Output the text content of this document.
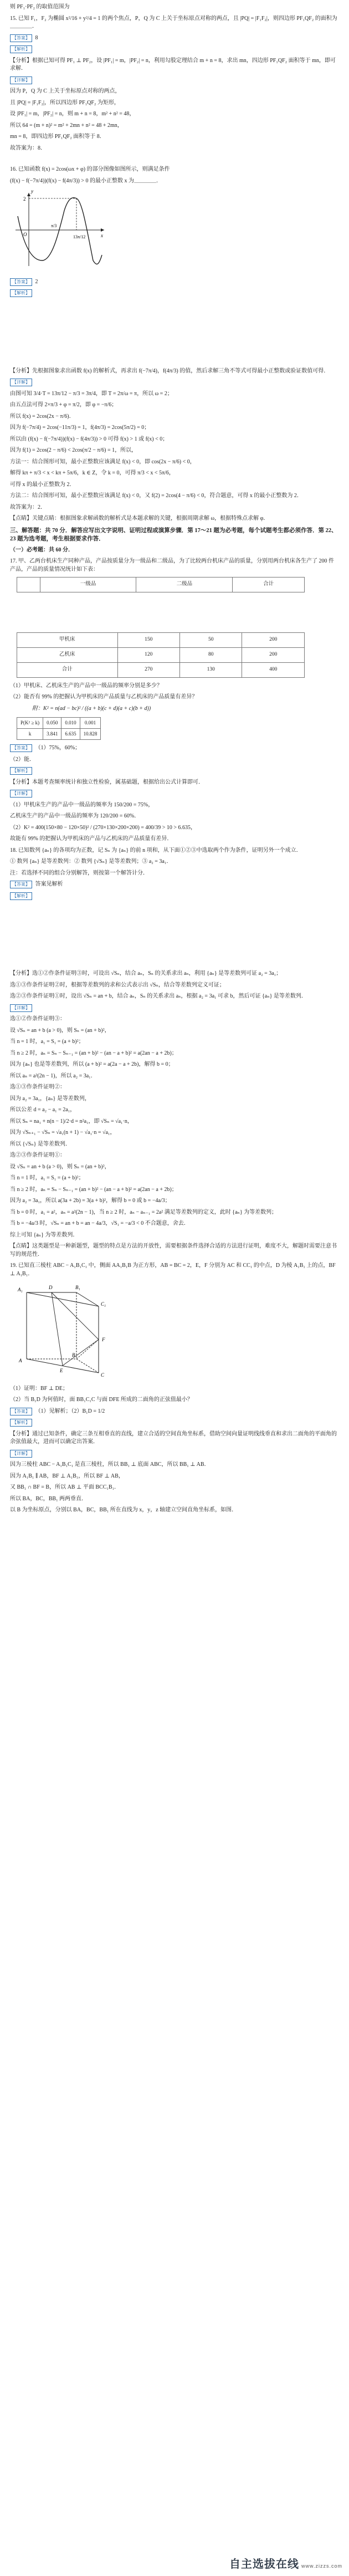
则 PF₁·PF₂ 的取值范围为

15. 已知 F₁，F₂ 为椭圆 x²/16 + y²/4 = 1 的两个焦点，P，Q 为 C 上关于坐标原点对称的两点，且 |PQ| = |F₁F₂|，则四边形 PF₁QF₂ 的面积为＿＿＿＿．

【答案】 8

【解析】

【分析】根据已知可得 PF₁ ⊥ PF₂，设 |PF₁| = m，|PF₂| = n，利用勾股定理结合 m + n = 8，求出 mn，四边形 PF₁QF₂ 面积等于 mn，即可求解．

【详解】

因为 P，Q 为 C 上关于坐标原点对称的两点，

且 |PQ| = |F₁F₂|，所以四边形 PF₁QF₂ 为矩形，

设 |PF₁| = m，|PF₂| = n，则 m + n = 8，m² + n² = 48，

所以 64 = (m + n)² = m² + 2mn + n² = 48 + 2mn，

mn = 8，即四边形 PF₁QF₂ 面积等于 8．

故答案为：8．

16. 已知函数 f(x) = 2cos(ωx + φ) 的部分图像如图所示，则满足条件

(f(x) − f(−7π/4))(f(x) − f(4π/3)) > 0 的最小正整数 x 为＿＿＿＿．

y
x
O
2
π/3
13π/12

【答案】 2

【解析】

【分析】先根据图象求出函数 f(x) 的解析式，再求出 f(−7π/4)，f(4π/3) 的值，然后求解三角不等式可得最小正整数或验证数值可得．

【详解】

由图可知 3/4·T = 13π/12 − π/3 = 3π/4，即 T = 2π/ω = π，所以 ω = 2；

由五点法可得 2×π/3 + φ = π/2，即 φ = −π/6；

所以 f(x) = 2cos(2x − π/6)．

因为 f(−7π/4) = 2cos(−11π/3) = 1，f(4π/3) = 2cos(5π/2) = 0；

所以由 (f(x) − f(−7π/4))(f(x) − f(4π/3)) > 0 可得 f(x) > 1 或 f(x) < 0；

因为 f(1) = 2cos(2 − π/6) < 2cos(π/2 − π/6) = 1，所以，

方法一：结合图形可知，最小正整数应该满足 f(x) < 0，即 cos(2x − π/6) < 0，

解得 kπ + π/3 < x < kπ + 5π/6，k ∈ Z，令 k = 0，可得 π/3 < x < 5π/6，

可得 x 的最小正整数为 2．

方法二：结合图形可知，最小正整数应该满足 f(x) < 0，又 f(2) = 2cos(4 − π/6) < 0，符合题意，可得 x 的最小正整数为 2．

故答案为：2．

【点睛】关键点睛：根据图象求解函数的解析式是本题求解的关键，根据周期求解 ω，根据特殊点求解 φ．

三、解答题：共 70 分．解答应写出文字说明、证明过程或演算步骤．第 17～21 题为必考题，每个试题考生都必须作答．第 22、23 题为选考题，考生根据要求作答．

（一）必考题：共 60 分．

17. 甲、乙两台机床生产同种产品，产品按质量分为一级品和二级品，为了比较两台机床产品的质量，分别用两台机床各生产了 200 件产品，产品的质量情况统计如下表：

	一级品	二级品	合计
甲机床	150	50	200
乙机床	120	80	200
合计	270	130	400

（1）甲机床、乙机床生产的产品中一级品的频率分别是多少？

（2）能否有 99% 的把握认为甲机床的产品质量与乙机床的产品质量有差异？

附：K² = n(ad − bc)² / ((a + b)(c + d)(a + c)(b + d))

P(K² ≥ k)	0.050	0.010	0.001
k	3.841	6.635	10.828

【答案】 （1）75%，60%；

（2）能．

【解析】

【分析】本题考查频率统计和独立性检验，属基础题，根据给出公式计算即可．

【详解】

（1）甲机床生产的产品中一级品的频率为 150/200 = 75%，

乙机床生产的产品中一级品的频率为 120/200 = 60%．

（2）K² = 400(150×80 − 120×50)² / (270×130×200×200) = 400/39 > 10 > 6.635，

故能有 99% 的把握认为甲机床的产品与乙机床的产品质量有差异．

18. 已知数列 {aₙ} 的各项均为正数，记 Sₙ 为 {aₙ} 的前 n 项和，从下面①②③中选取两个作为条件，证明另外一个成立．

① 数列 {aₙ} 是等差数列：② 数列 {√Sₙ} 是等差数列；③ a₂ = 3a₁．

注：若选择不同的组合分别解答，则按第一个解答计分．

【答案】 答案见解析

【解析】

【分析】选①②作条件证明③时，可设出 √Sₙ，结合 aₙ，Sₙ 的关系求出 aₙ，利用 {aₙ} 是等差数列可证 a₂ = 3a₁；

选①③作条件证明②时，根据等差数列的求和公式表示出 √Sₙ，结合等差数列定义可证；

选②③作条件证明①时，设出 √Sₙ = an + b，结合 aₙ，Sₙ 的关系求出 aₙ，根据 a₂ = 3a₁ 可求 b，然后可证 {aₙ} 是等差数列．

【详解】

选①②作条件证明③：

设 √Sₙ = an + b (a > 0)，则 Sₙ = (an + b)²，

当 n = 1 时，a₁ = S₁ = (a + b)²；

当 n ≥ 2 时，aₙ = Sₙ − Sₙ₋₁ = (an + b)² − (an − a + b)² = a(2an − a + 2b)；

因为 {aₙ} 也是等差数列，所以 (a + b)² = a(2a − a + 2b)，解得 b = 0；

所以 aₙ = a²(2n − 1)，所以 a₂ = 3a₁．

选①③作条件证明②：

因为 a₂ = 3a₁，{aₙ} 是等差数列，

所以公差 d = a₂ − a₁ = 2a₁，

所以 Sₙ = na₁ + n(n − 1)/2·d = n²a₁，即 √Sₙ = √a₁·n，

因为 √Sₙ₊₁ − √Sₙ = √a₁(n + 1) − √a₁·n = √a₁，

所以 {√Sₙ} 是等差数列．

选②③作条件证明①：

设 √Sₙ = an + b (a > 0)，则 Sₙ = (an + b)²，

当 n = 1 时，a₁ = S₁ = (a + b)²；

当 n ≥ 2 时，aₙ = Sₙ − Sₙ₋₁ = (an + b)² − (an − a + b)² = a(2an − a + 2b)；

因为 a₂ = 3a₁，所以 a(3a + 2b) = 3(a + b)²，解得 b = 0 或 b = −4a/3；

当 b = 0 时，a₁ = a²，aₙ = a²(2n − 1)，当 n ≥ 2 时，aₙ − aₙ₋₁ = 2a² 满足等差数列的定义，此时 {aₙ} 为等差数列；

当 b = −4a/3 时，√Sₙ = an + b = an − 4a/3，√S₁ = −a/3 < 0 不合题意，舍去．

综上可知 {aₙ} 为等差数列．

【点睛】这类题型是一种新题型，题型的特点是方法的开放性，需要根据条件选择合适的方法进行证明，难度不大，解题时需要注意书写的规范性．

19. 已知直三棱柱 ABC − A₁B₁C₁ 中，侧面 AA₁B₁B 为正方形，AB = BC = 2，E，F 分别为 AC 和 CC₁ 的中点，D 为棱 A₁B₁ 上的点，BF ⊥ A₁B₁．

A₁	D	B₁
C₁
F
A
B
C
E

（1）证明：BF ⊥ DE；

（2）当 B₁D 为何值时，面 BB₁C₁C 与面 DFE 所成的二面角的正弦值最小？

【答案】 （1）见解析；（2）B₁D = 1/2

【解析】

【分析】通过已知条件，确定三条互相垂直的直线，建立合适的空间直角坐标系，借助空间向量证明线线垂直和求出二面角的平面角的余弦值最大，进而可以确定出答案．

【详解】

因为三棱柱 ABC − A₁B₁C₁ 是直三棱柱，所以 BB₁ ⊥ 底面 ABC，所以 BB₁ ⊥ AB．

因为 A₁B₁ ∥ AB，BF ⊥ A₁B₁，所以 BF ⊥ AB，

又 BB₁ ∩ BF = B，所以 AB ⊥ 平面 BCC₁B₁．

所以 BA，BC，BB₁ 两两垂直．

以 B 为坐标原点，分别以 BA，BC，BB₁ 所在直线为 x，y，z 轴建立空间直角坐标系，如图．

自主选拔在线 www.zizzs.com
